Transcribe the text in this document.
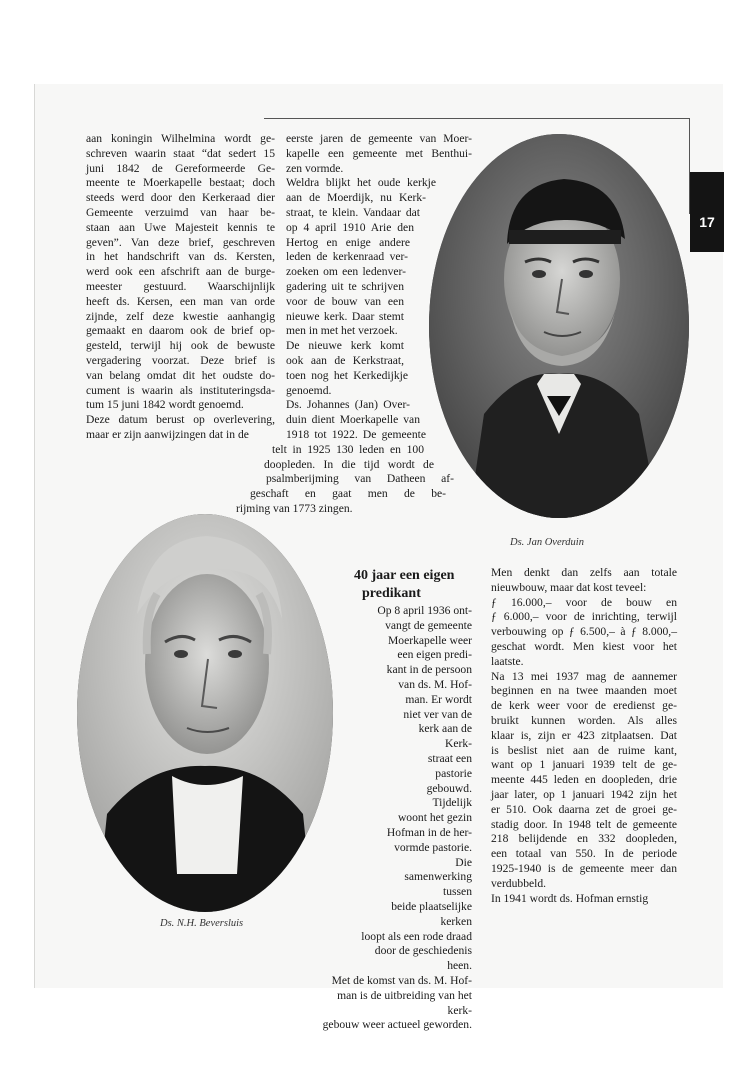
17
Ds. Jan Overduin
Ds. N.H. Beversluis
aan koningin Wilhelmina wordt ge-
schreven waarin staat “dat sedert 15
juni 1842 de Gereformeerde Ge-
meente te Moerkapelle bestaat; doch
steeds werd door den Kerkeraad dier
Gemeente verzuimd van haar be-
staan aan Uwe Majesteit kennis te
geven”. Van deze brief, geschreven
in het handschrift van ds. Kersten,
werd ook een afschrift aan de burge-
meester gestuurd. Waarschijnlijk
heeft ds. Kersen, een man van orde
zijnde, zelf deze kwestie aanhangig
gemaakt en daarom ook de brief op-
gesteld, terwijl hij ook de bewuste
vergadering voorzat. Deze brief is
van belang omdat dit het oudste do-
cument is waarin als instituteringsda-
tum 15 juni 1842 wordt genoemd.
Deze datum berust op overlevering,
maar er zijn aanwijzingen dat in de
eerste jaren de gemeente van Moer-
kapelle een gemeente met Benthui-
zen vormde.
Weldra blijkt het oude kerkje
aan de Moerdijk, nu Kerk-
straat, te klein. Vandaar dat
op 4 april 1910 Arie den
Hertog en enige andere
leden de kerkenraad ver-
zoeken om een ledenver-
gadering uit te schrijven
voor de bouw van een
nieuwe kerk. Daar stemt
men in met het verzoek.
De nieuwe kerk komt
ook aan de Kerkstraat,
toen nog het Kerkedijkje
genoemd.
Ds. Johannes (Jan) Over-
duin dient Moerkapelle van
1918 tot 1922. De gemeente
telt in 1925 130 leden en 100
doopleden. In die tijd wordt de
psalmberijming van Datheen af-
geschaft en gaat men de be-
rijming van 1773 zingen.
40 jaar een eigen
predikant
Op 8 april 1936 ont-
vangt de gemeente
Moerkapelle weer
een eigen predi-
kant in de persoon
van ds. M. Hof-
man. Er wordt
niet ver van de
kerk aan de Kerk-
straat een pastorie
gebouwd. Tijdelijk
woont het gezin
Hofman in de her-
vormde pastorie. Die
samenwerking tussen
beide plaatselijke kerken
loopt als een rode draad
door de geschiedenis heen.
Met de komst van ds. M. Hof-
man is de uitbreiding van het kerk-
gebouw weer actueel geworden.
Men denkt dan zelfs aan totale
nieuwbouw, maar dat kost teveel:
ƒ 16.000,– voor de bouw en
ƒ 6.000,– voor de inrichting, terwijl
verbouwing op ƒ 6.500,– à ƒ 8.000,–
geschat wordt. Men kiest voor het
laatste.
Na 13 mei 1937 mag de aannemer
beginnen en na twee maanden moet
de kerk weer voor de eredienst ge-
bruikt kunnen worden. Als alles
klaar is, zijn er 423 zitplaatsen. Dat
is beslist niet aan de ruime kant,
want op 1 januari 1939 telt de ge-
meente 445 leden en doopleden, drie
jaar later, op 1 januari 1942 zijn het
er 510. Ook daarna zet de groei ge-
stadig door. In 1948 telt de gemeente
218 belijdende en 332 doopleden,
een totaal van 550. In de periode
1925-1940 is de gemeente meer dan
verdubbeld.
In 1941 wordt ds. Hofman ernstig
